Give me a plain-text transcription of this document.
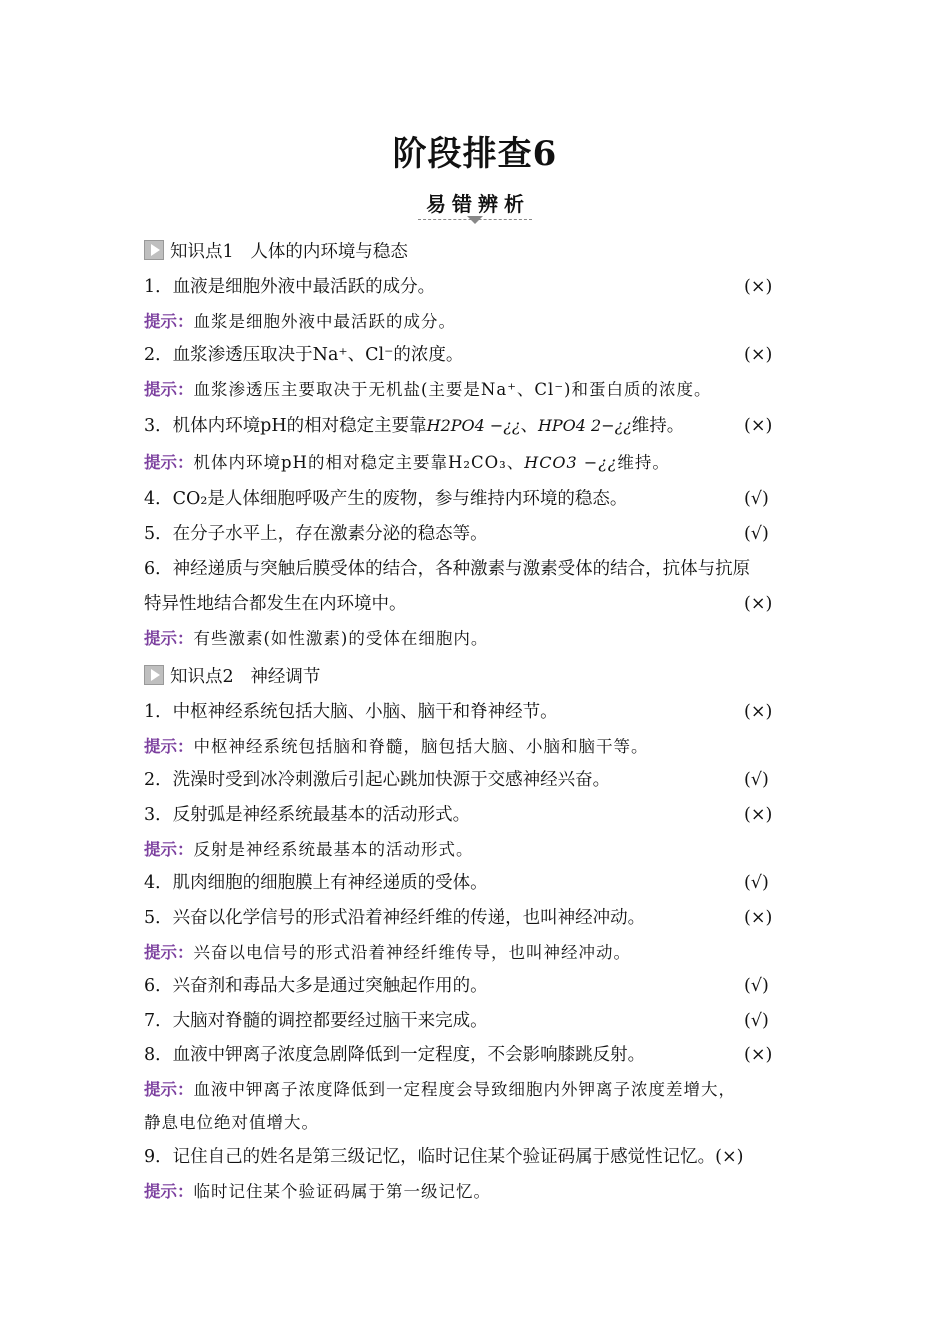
阶段排查6
易错辨析
知识点1 人体的内环境与稳态
1．血液是细胞外液中最活跃的成分。	(×)
提示：血浆是细胞外液中最活跃的成分。
2．血浆渗透压取决于Na⁺、Cl⁻的浓度。	(×)
提示：血浆渗透压主要取决于无机盐(主要是Na⁺、Cl⁻)和蛋白质的浓度。
3．机体内环境pH的相对稳定主要靠H2PO4 −¿¿、HPO4 2−¿¿维持。	(×)
提示：机体内环境pH的相对稳定主要靠H₂CO₃、HCO3 −¿¿维持。
4．CO₂是人体细胞呼吸产生的废物，参与维持内环境的稳态。	(√)
5．在分子水平上，存在激素分泌的稳态等。	(√)
6．神经递质与突触后膜受体的结合，各种激素与激素受体的结合，抗体与抗原
特异性地结合都发生在内环境中。	(×)
提示：有些激素(如性激素)的受体在细胞内。
知识点2 神经调节
1．中枢神经系统包括大脑、小脑、脑干和脊神经节。	(×)
提示：中枢神经系统包括脑和脊髓，脑包括大脑、小脑和脑干等。
2．洗澡时受到冰冷刺激后引起心跳加快源于交感神经兴奋。	(√)
3．反射弧是神经系统最基本的活动形式。	(×)
提示：反射是神经系统最基本的活动形式。
4．肌肉细胞的细胞膜上有神经递质的受体。	(√)
5．兴奋以化学信号的形式沿着神经纤维的传递，也叫神经冲动。	(×)
提示：兴奋以电信号的形式沿着神经纤维传导，也叫神经冲动。
6．兴奋剂和毒品大多是通过突触起作用的。	(√)
7．大脑对脊髓的调控都要经过脑干来完成。	(√)
8．血液中钾离子浓度急剧降低到一定程度，不会影响膝跳反射。	(×)
提示：血液中钾离子浓度降低到一定程度会导致细胞内外钾离子浓度差增大，
静息电位绝对值增大。
9．记住自己的姓名是第三级记忆，临时记住某个验证码属于感觉性记忆。(×)
提示：临时记住某个验证码属于第一级记忆。
